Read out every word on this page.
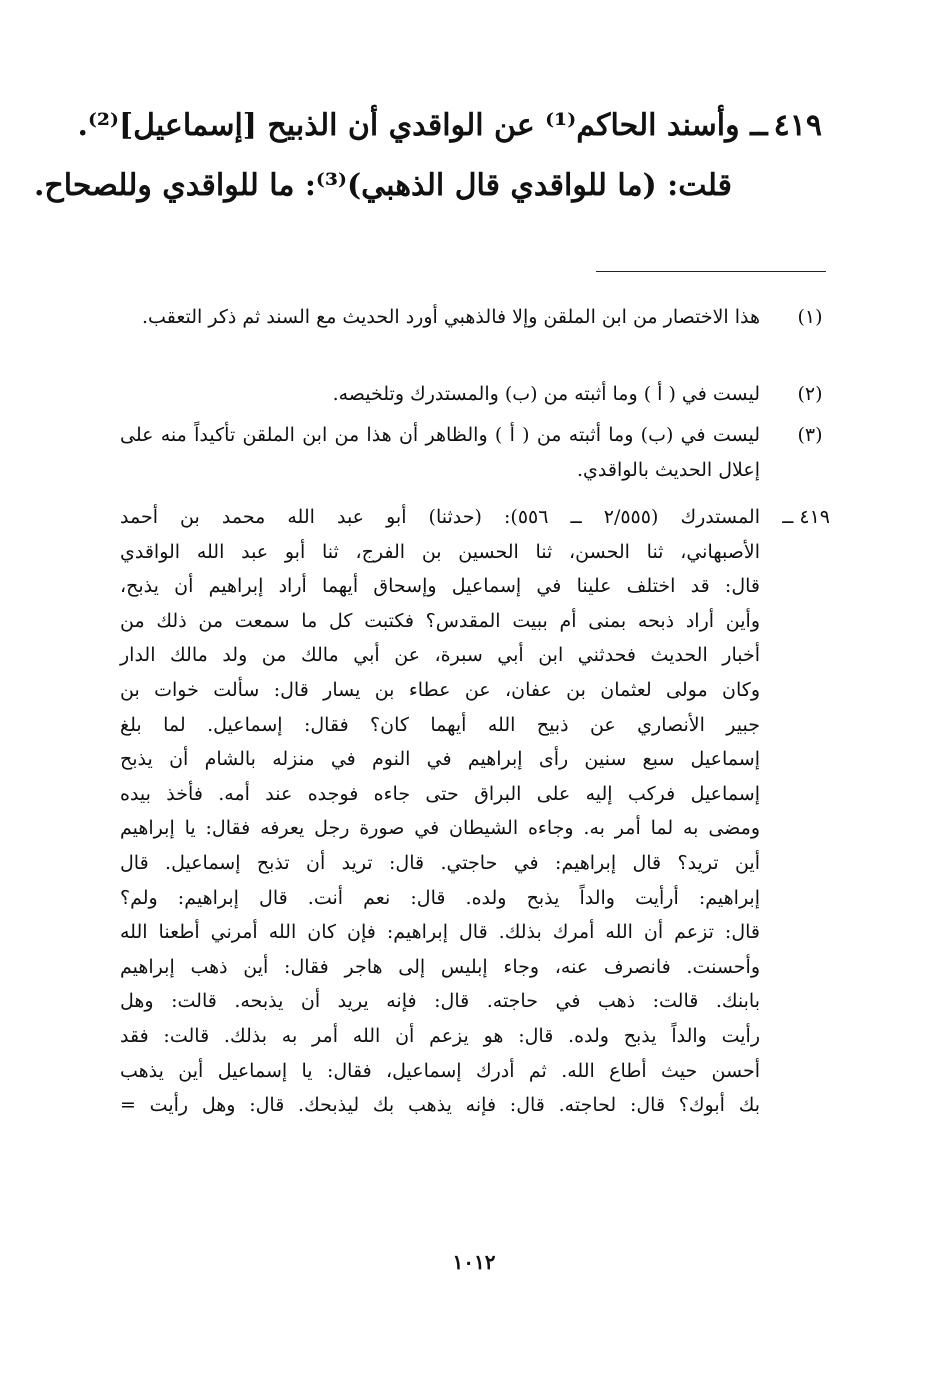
٤١٩ــ وأسند الحاكم⁽¹⁾ عن الواقدي أن الذبيح [إسماعيل]⁽²⁾.
قلت: (ما للواقدي قال الذهبي)⁽³⁾: ما للواقدي وللصحاح.
(١)
هذا الاختصار من ابن الملقن وإلا فالذهبي أورد الحديث مع السند ثم ذكر التعقب.
(٢)
ليست في ( أ ) وما أثبته من (ب) والمستدرك وتلخيصه.
(٣)
ليست في (ب) وما أثبته من ( أ ) والظاهر أن هذا من ابن الملقن تأكيداً منه على إعلال الحديث بالواقدي.
٤١٩ ــ
المستدرك (٢/٥٥٥ ــ ٥٥٦): (حدثنا) أبو عبد الله محمد بن أحمد
الأصبهاني، ثنا الحسن، ثنا الحسين بن الفرج، ثنا أبو عبد الله الواقدي
قال: قد اختلف علينا في إسماعيل وإسحاق أيهما أراد إبراهيم أن يذبح،
وأين أراد ذبحه بمنى أم ببيت المقدس؟ فكتبت كل ما سمعت من ذلك من
أخبار الحديث فحدثني ابن أبي سبرة، عن أبي مالك من ولد مالك الدار
وكان مولى لعثمان بن عفان، عن عطاء بن يسار قال: سألت خوات بن
جبير الأنصاري عن ذبيح الله أيهما كان؟ فقال: إسماعيل. لما بلغ
إسماعيل سبع سنين رأى إبراهيم في النوم في منزله بالشام أن يذبح
إسماعيل فركب إليه على البراق حتى جاءه فوجده عند أمه. فأخذ بيده
ومضى به لما أمر به. وجاءه الشيطان في صورة رجل يعرفه فقال: يا إبراهيم
أين تريد؟ قال إبراهيم: في حاجتي. قال: تريد أن تذبح إسماعيل. قال
إبراهيم: أرأيت والداً يذبح ولده. قال: نعم أنت. قال إبراهيم: ولم؟
قال: تزعم أن الله أمرك بذلك. قال إبراهيم: فإن كان الله أمرني أطعنا الله
وأحسنت. فانصرف عنه، وجاء إبليس إلى هاجر فقال: أين ذهب إبراهيم
بابنك. قالت: ذهب في حاجته. قال: فإنه يريد أن يذبحه. قالت: وهل
رأيت والداً يذبح ولده. قال: هو يزعم أن الله أمر به بذلك. قالت: فقد
أحسن حيث أطاع الله. ثم أدرك إسماعيل، فقال: يا إسماعيل أين يذهب
بك أبوك؟ قال: لحاجته. قال: فإنه يذهب بك ليذبحك. قال: وهل رأيت =
١٠١٢
